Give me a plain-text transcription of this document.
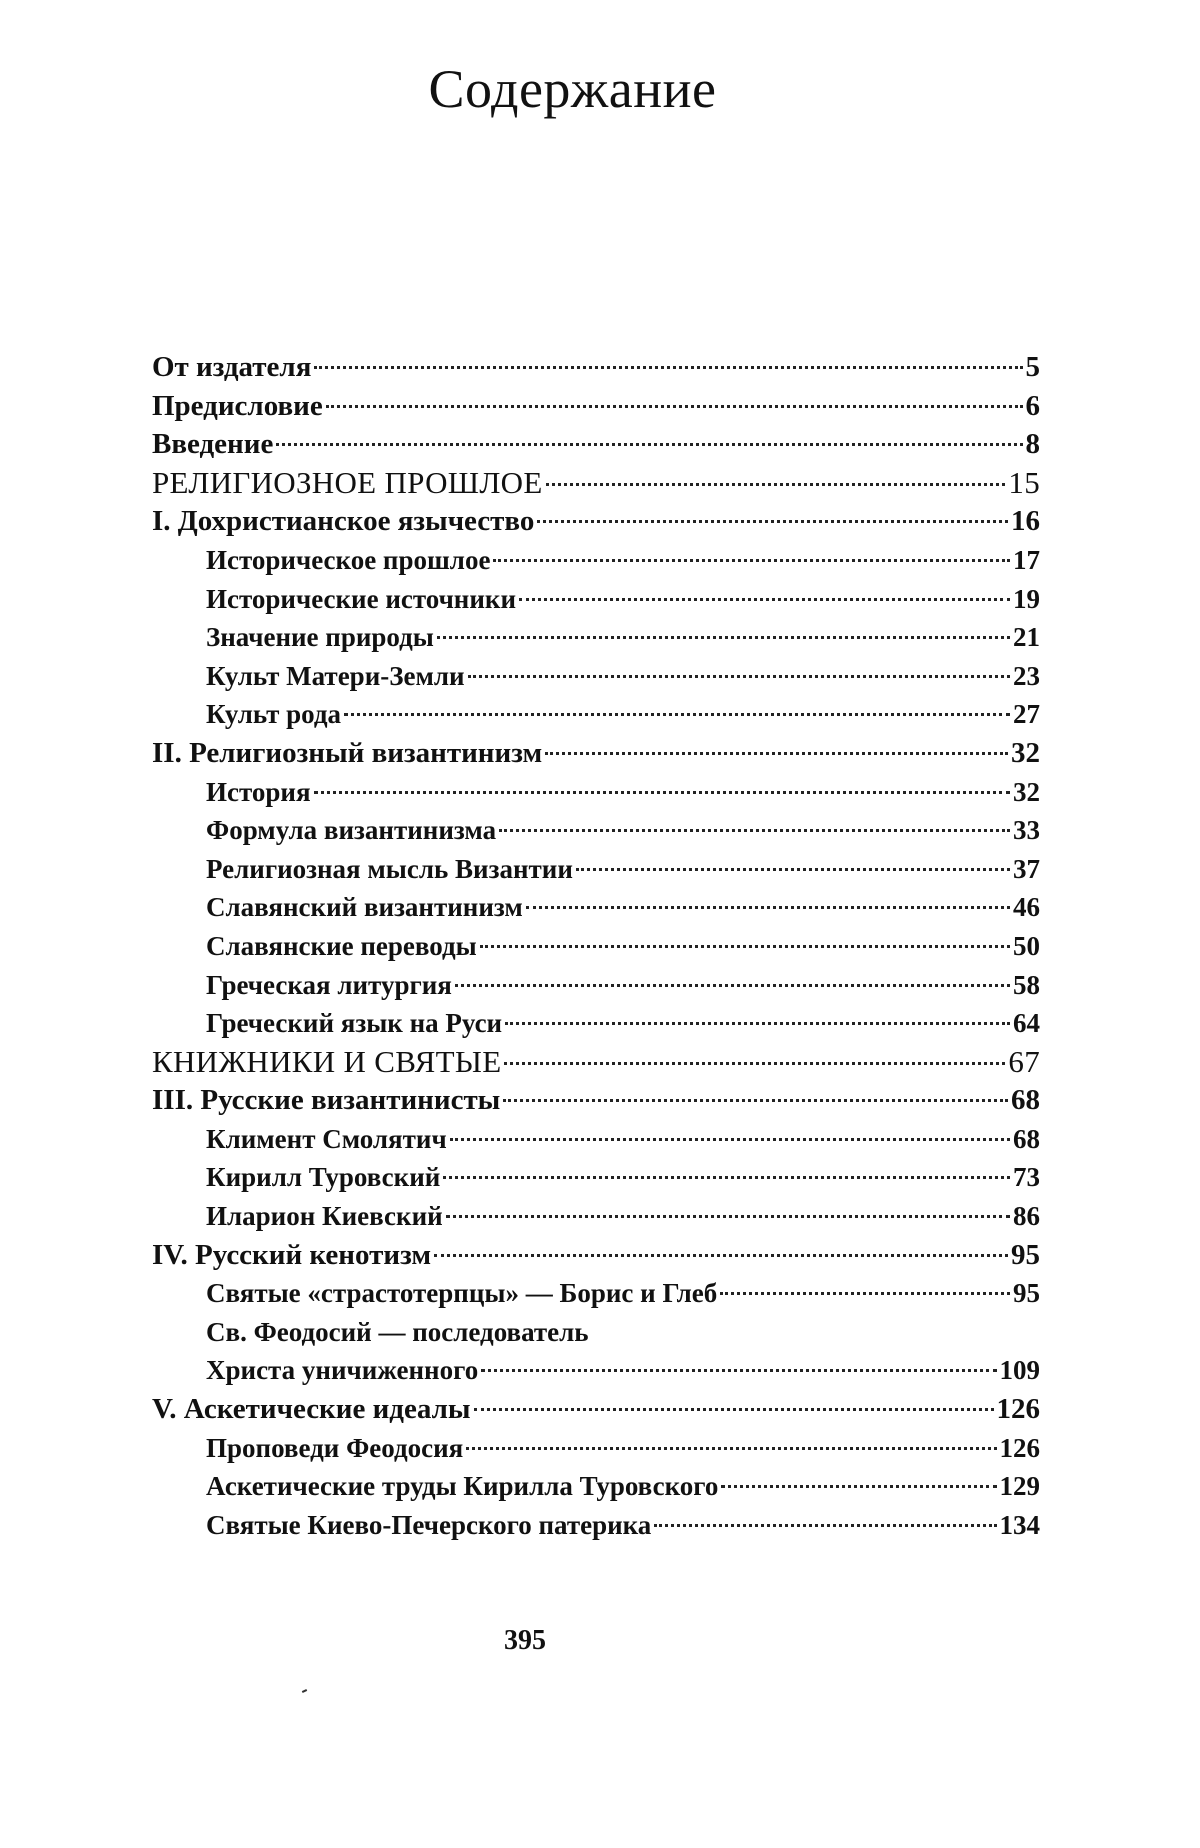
Содержание
От издателя	5
Предисловие	6
Введение	8
РЕЛИГИОЗНОЕ ПРОШЛОЕ	15
I. Дохристианское язычество	16
Историческое прошлое	17
Исторические источники	19
Значение природы	21
Культ Матери-Земли	23
Культ рода	27
II. Религиозный византинизм	32
История	32
Формула византинизма	33
Религиозная мысль Византии	37
Славянский византинизм	46
Славянские переводы	50
Греческая литургия	58
Греческий язык на Руси	64
КНИЖНИКИ И СВЯТЫЕ	67
III. Русские византинисты	68
Климент Смолятич	68
Кирилл Туровский	73
Иларион Киевский	86
IV. Русский кенотизм	95
Святые «страстотерпцы» — Борис и Глеб	95
Св. Феодосий — последователь
Христа уничиженного	109
V. Аскетические идеалы	126
Проповеди Феодосия	126
Аскетические труды Кирилла Туровского	129
Святые Киево-Печерского патерика	134
395
